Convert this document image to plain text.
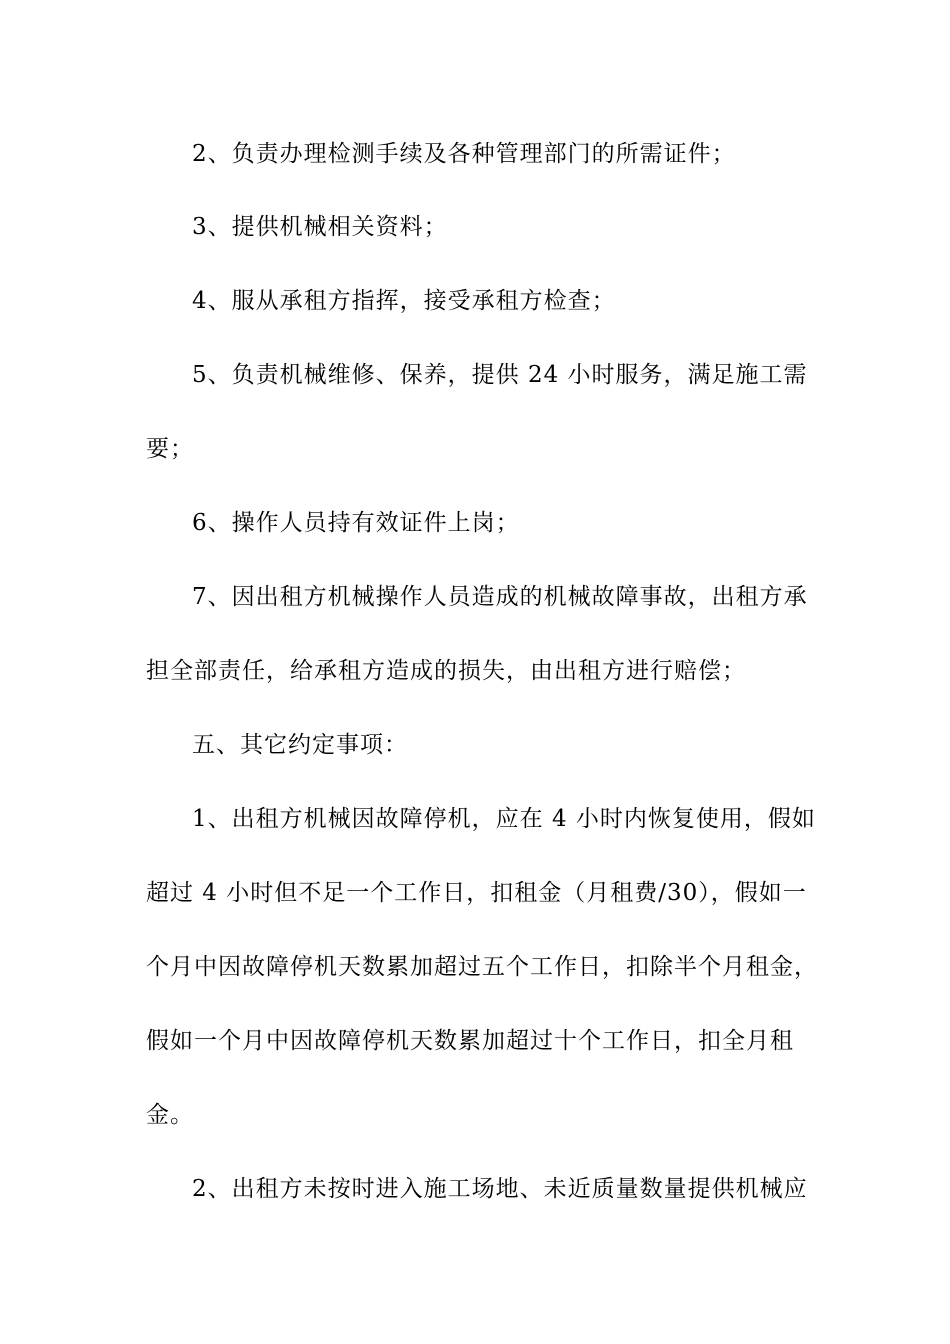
2、负责办理检测手续及各种管理部门的所需证件；
3、提供机械相关资料；
4、服从承租方指挥，接受承租方检查；
5、负责机械维修、保养，提供 24 小时服务，满足施工需
要；
6、操作人员持有效证件上岗；
7、因出租方机械操作人员造成的机械故障事故，出租方承
担全部责任，给承租方造成的损失，由出租方进行赔偿；
五、其它约定事项：
1、出租方机械因故障停机，应在 4 小时内恢复使用，假如
超过 4 小时但不足一个工作日，扣租金（月租费/30），假如一
个月中因故障停机天数累加超过五个工作日，扣除半个月租金，
假如一个月中因故障停机天数累加超过十个工作日，扣全月租
金。
2、出租方未按时进入施工场地、未近质量数量提供机械应
